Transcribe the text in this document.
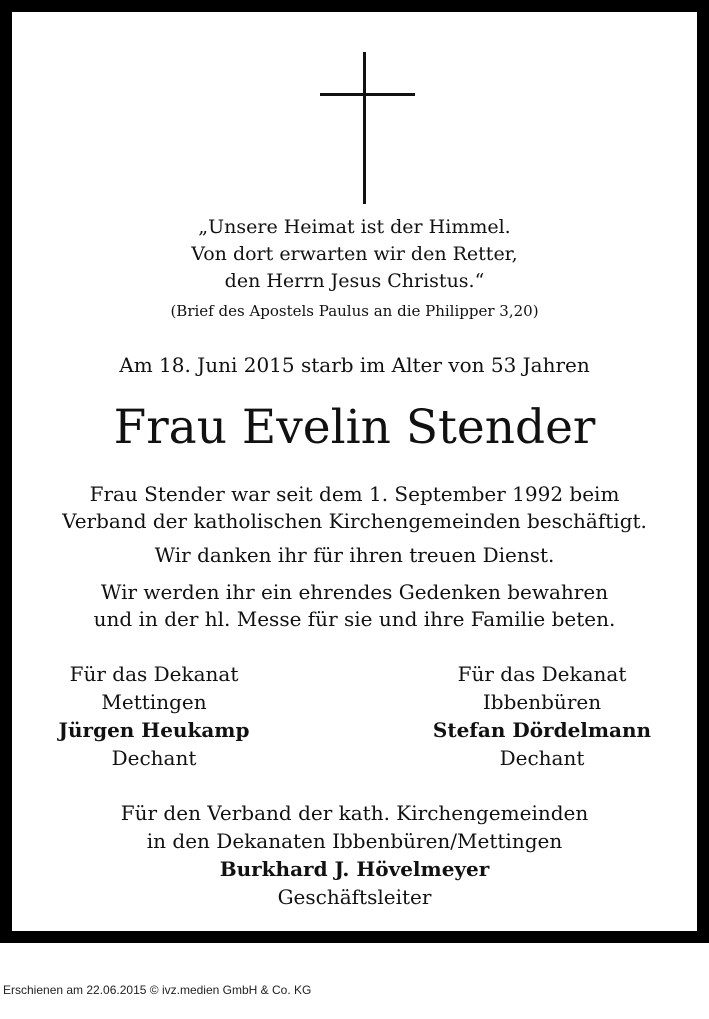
„Unsere Heimat ist der Himmel.
Von dort erwarten wir den Retter,
den Herrn Jesus Christus.“
(Brief des Apostels Paulus an die Philipper 3,20)
Am 18. Juni 2015 starb im Alter von 53 Jahren
Frau Evelin Stender
Frau Stender war seit dem 1. September 1992 beim
Verband der katholischen Kirchengemeinden beschäftigt.
Wir danken ihr für ihren treuen Dienst.
Wir werden ihr ein ehrendes Gedenken bewahren
und in der hl. Messe für sie und ihre Familie beten.
Für das Dekanat
Mettingen
Jürgen Heukamp
Dechant
Für das Dekanat
Ibbenbüren
Stefan Dördelmann
Dechant
Für den Verband der kath. Kirchengemeinden
in den Dekanaten Ibbenbüren/Mettingen
Burkhard J. Hövelmeyer
Geschäftsleiter
Erschienen am 22.06.2015 © ivz.medien GmbH & Co. KG
